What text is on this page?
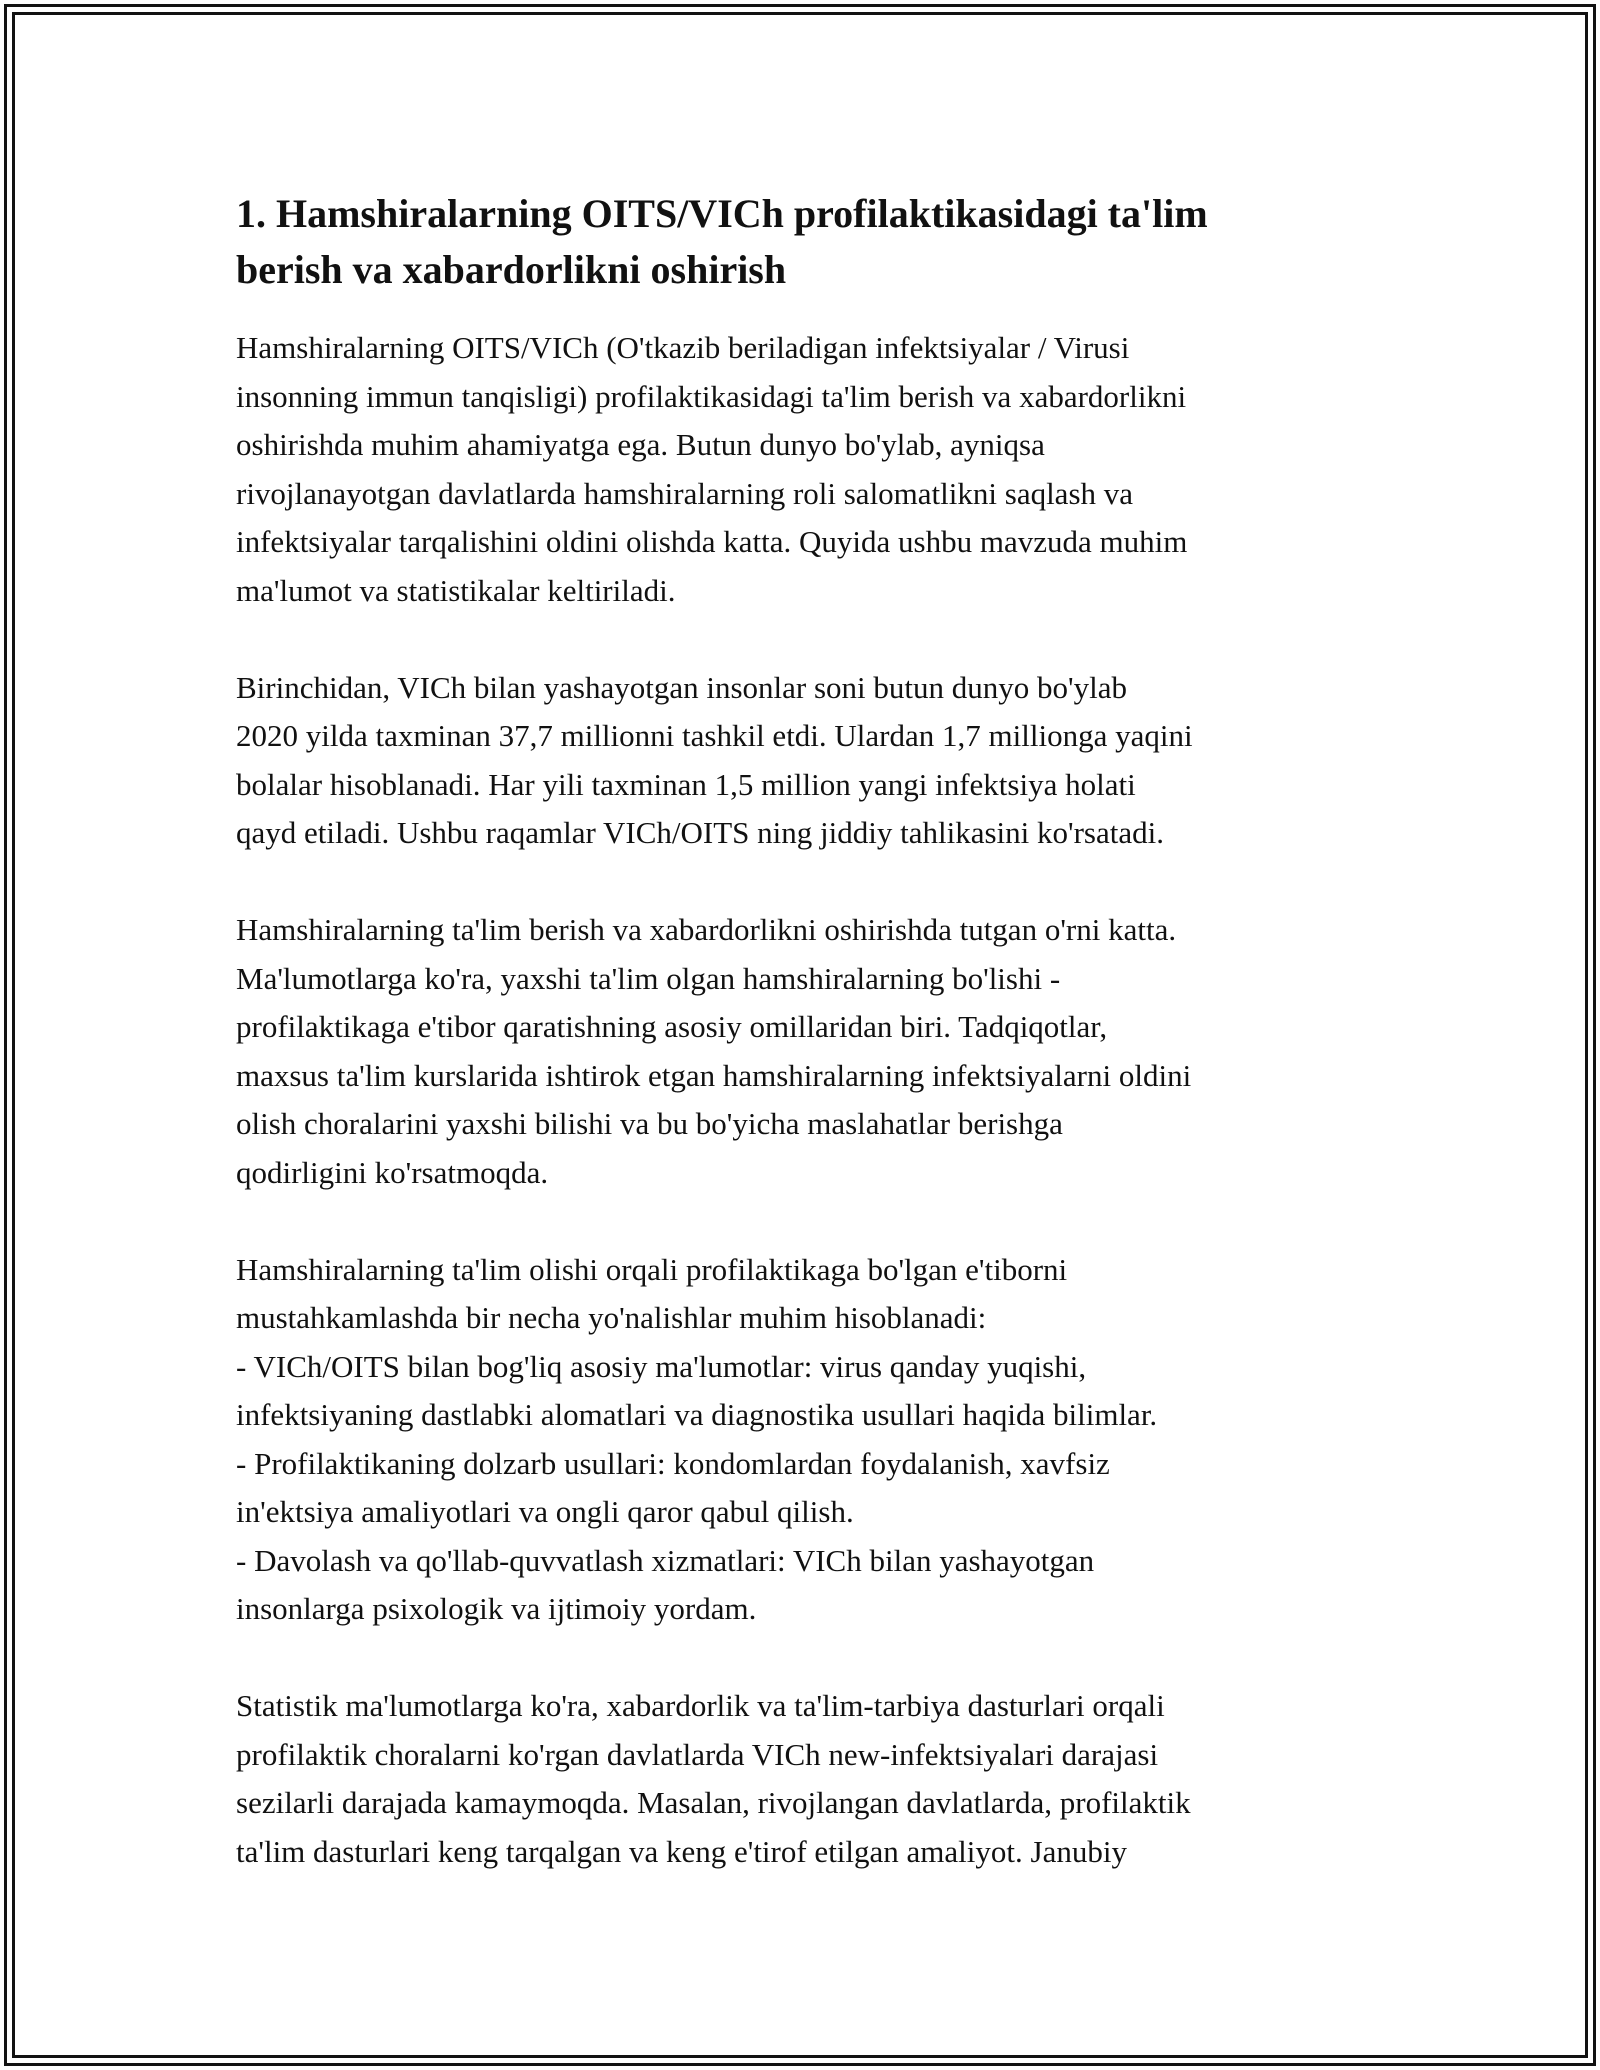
1. Hamshiralarning OITS/VICh profilaktikasidagi ta'lim
berish va xabardorlikni oshirish

Hamshiralarning OITS/VICh (O'tkazib beriladigan infektsiyalar / Virusi
insonning immun tanqisligi) profilaktikasidagi ta'lim berish va xabardorlikni
oshirishda muhim ahamiyatga ega. Butun dunyo bo'ylab, ayniqsa
rivojlanayotgan davlatlarda hamshiralarning roli salomatlikni saqlash va
infektsiyalar tarqalishini oldini olishda katta. Quyida ushbu mavzuda muhim
ma'lumot va statistikalar keltiriladi.

Birinchidan, VICh bilan yashayotgan insonlar soni butun dunyo bo'ylab
2020 yilda taxminan 37,7 millionni tashkil etdi. Ulardan 1,7 millionga yaqini
bolalar hisoblanadi. Har yili taxminan 1,5 million yangi infektsiya holati
qayd etiladi. Ushbu raqamlar VICh/OITS ning jiddiy tahlikasini ko'rsatadi.

Hamshiralarning ta'lim berish va xabardorlikni oshirishda tutgan o'rni katta.
Ma'lumotlarga ko'ra, yaxshi ta'lim olgan hamshiralarning bo'lishi -
profilaktikaga e'tibor qaratishning asosiy omillaridan biri. Tadqiqotlar,
maxsus ta'lim kurslarida ishtirok etgan hamshiralarning infektsiyalarni oldini
olish choralarini yaxshi bilishi va bu bo'yicha maslahatlar berishga
qodirligini ko'rsatmoqda.

Hamshiralarning ta'lim olishi orqali profilaktikaga bo'lgan e'tiborni
mustahkamlashda bir necha yo'nalishlar muhim hisoblanadi:
- VICh/OITS bilan bog'liq asosiy ma'lumotlar: virus qanday yuqishi,
infektsiyaning dastlabki alomatlari va diagnostika usullari haqida bilimlar.
- Profilaktikaning dolzarb usullari: kondomlardan foydalanish, xavfsiz
in'ektsiya amaliyotlari va ongli qaror qabul qilish.
- Davolash va qo'llab-quvvatlash xizmatlari: VICh bilan yashayotgan
insonlarga psixologik va ijtimoiy yordam.

Statistik ma'lumotlarga ko'ra, xabardorlik va ta'lim-tarbiya dasturlari orqali
profilaktik choralarni ko'rgan davlatlarda VICh new-infektsiyalari darajasi
sezilarli darajada kamaymoqda. Masalan, rivojlangan davlatlarda, profilaktik
ta'lim dasturlari keng tarqalgan va keng e'tirof etilgan amaliyot. Janubiy
